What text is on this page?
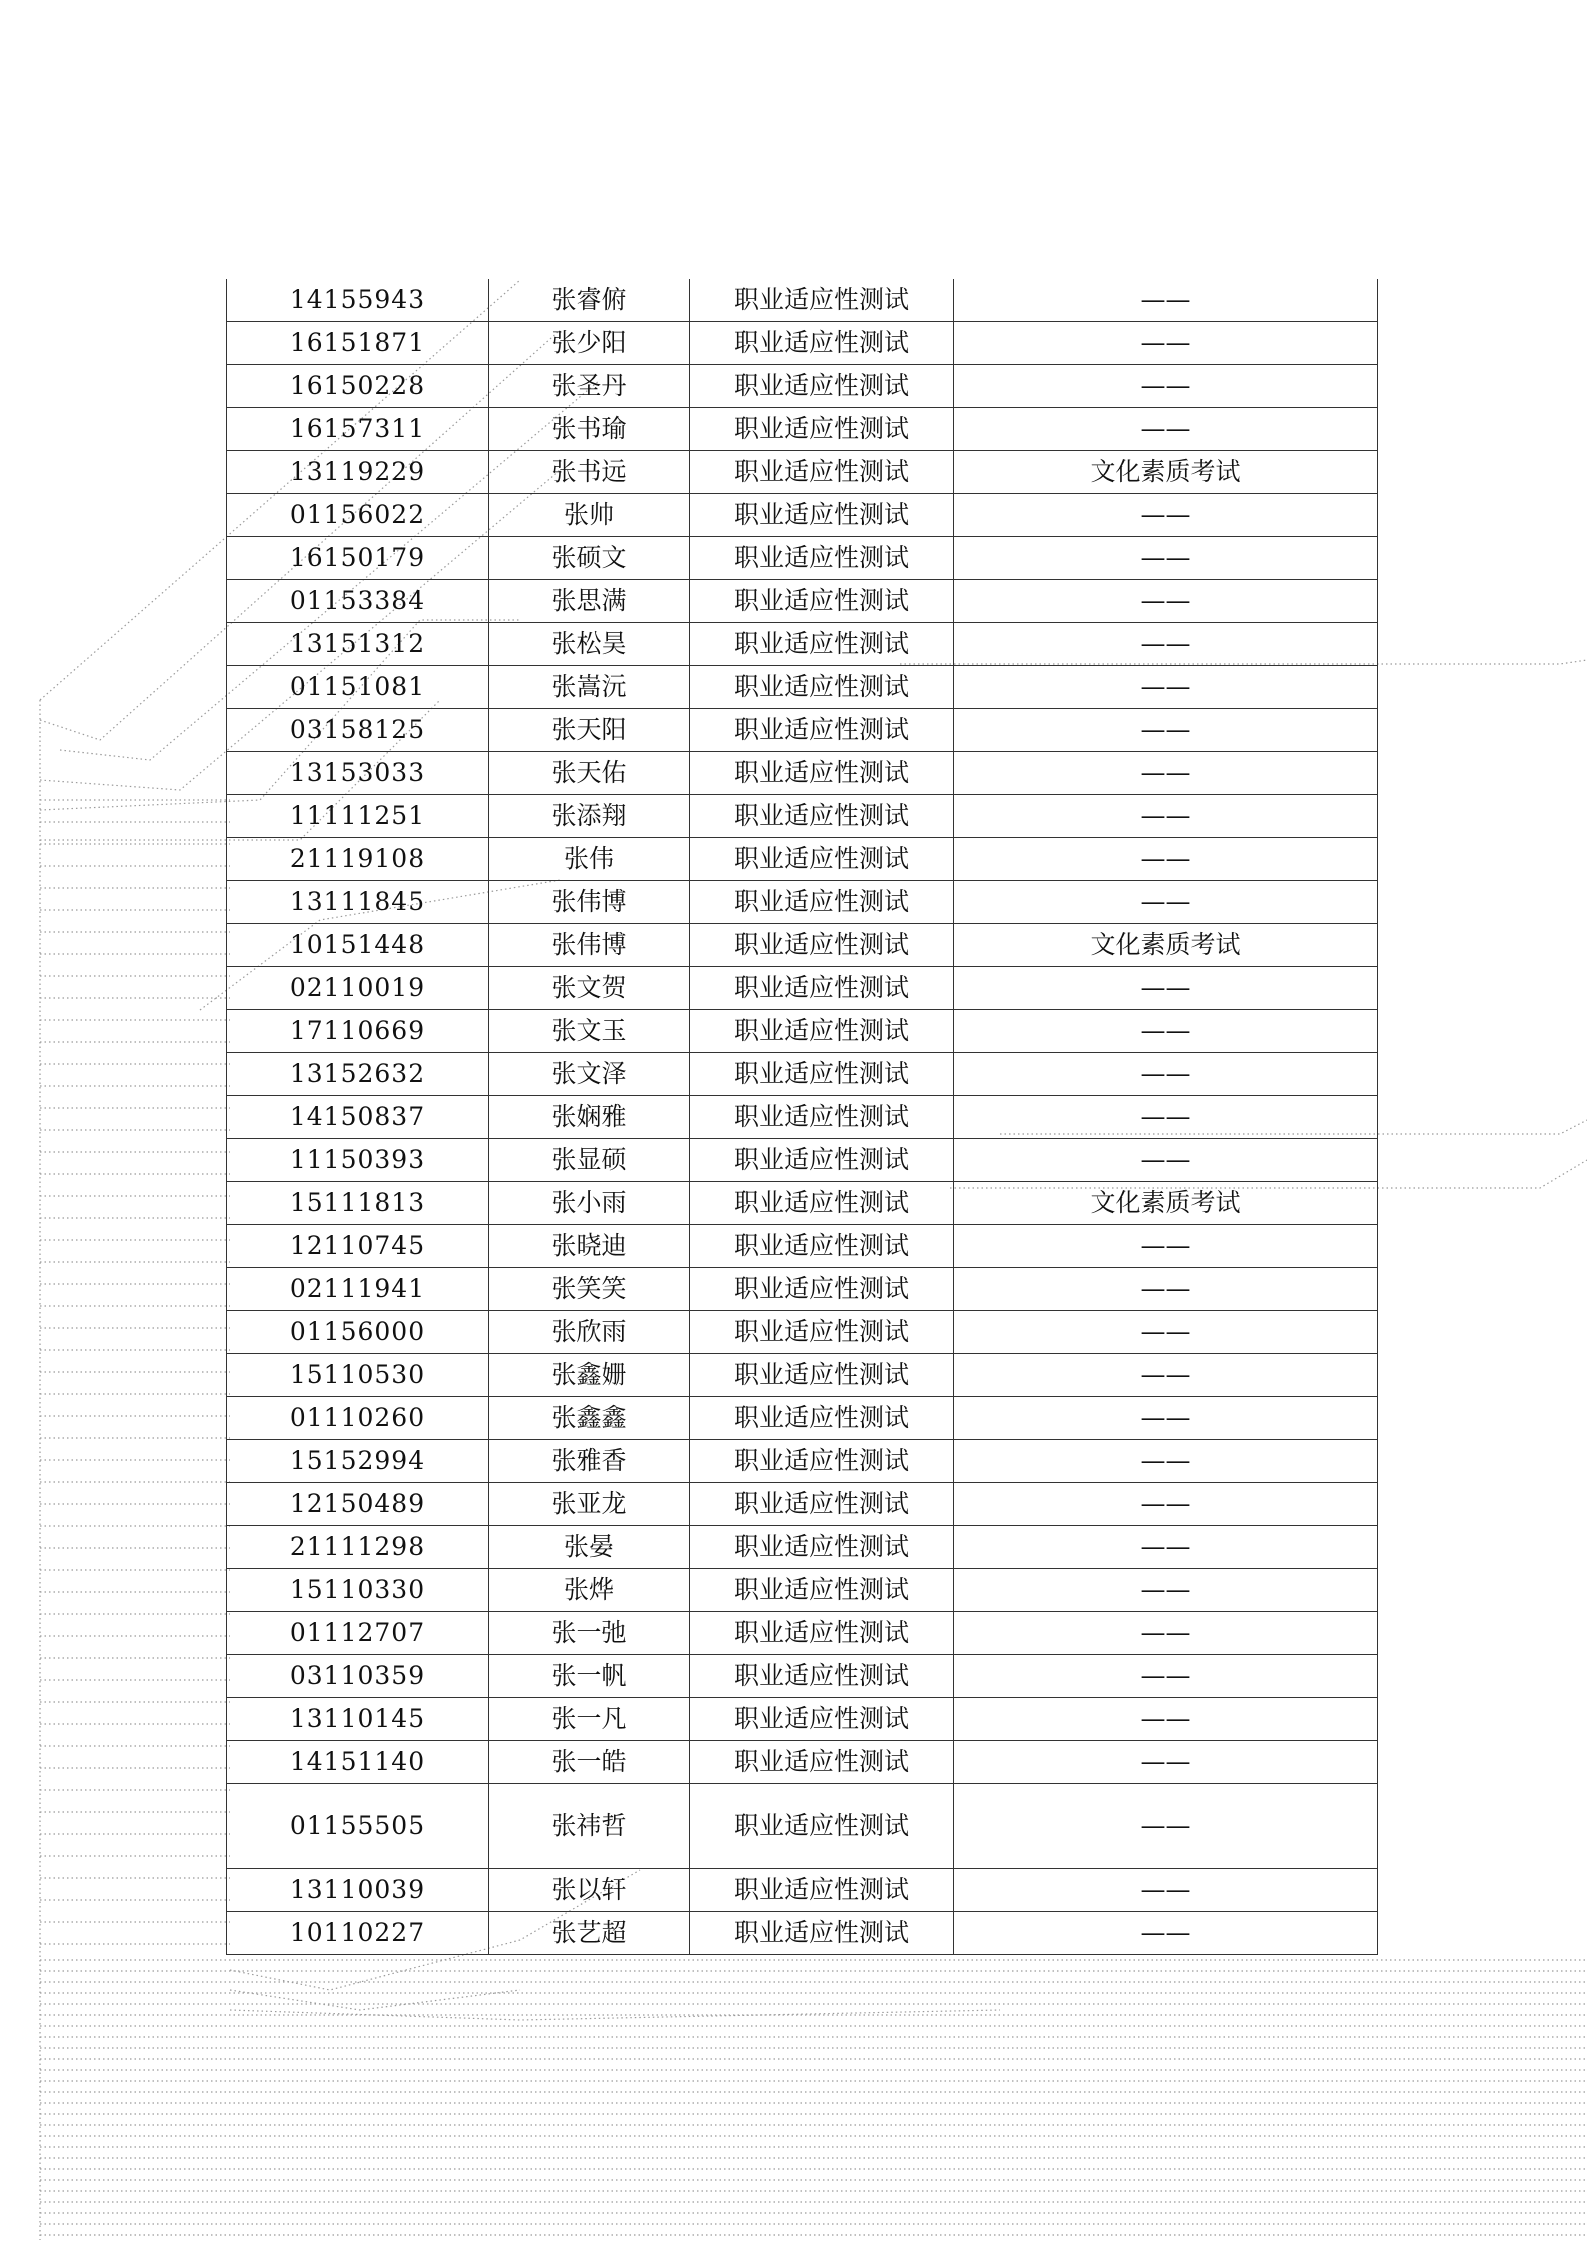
14155943	张睿俯	职业适应性测试	——
16151871	张少阳	职业适应性测试	——
16150228	张圣丹	职业适应性测试	——
16157311	张书瑜	职业适应性测试	——
13119229	张书远	职业适应性测试	文化素质考试
01156022	张帅	职业适应性测试	——
16150179	张硕文	职业适应性测试	——
01153384	张思满	职业适应性测试	——
13151312	张松昊	职业适应性测试	——
01151081	张嵩沅	职业适应性测试	——
03158125	张天阳	职业适应性测试	——
13153033	张天佑	职业适应性测试	——
11111251	张添翔	职业适应性测试	——
21119108	张伟	职业适应性测试	——
13111845	张伟博	职业适应性测试	——
10151448	张伟博	职业适应性测试	文化素质考试
02110019	张文贺	职业适应性测试	——
17110669	张文玉	职业适应性测试	——
13152632	张文泽	职业适应性测试	——
14150837	张娴雅	职业适应性测试	——
11150393	张显硕	职业适应性测试	——
15111813	张小雨	职业适应性测试	文化素质考试
12110745	张晓迪	职业适应性测试	——
02111941	张笑笑	职业适应性测试	——
01156000	张欣雨	职业适应性测试	——
15110530	张鑫姗	职业适应性测试	——
01110260	张鑫鑫	职业适应性测试	——
15152994	张雅香	职业适应性测试	——
12150489	张亚龙	职业适应性测试	——
21111298	张晏	职业适应性测试	——
15110330	张烨	职业适应性测试	——
01112707	张一弛	职业适应性测试	——
03110359	张一帆	职业适应性测试	——
13110145	张一凡	职业适应性测试	——
14151140	张一皓	职业适应性测试	——
01155505	张祎哲	职业适应性测试	——
13110039	张以轩	职业适应性测试	——
10110227	张艺超	职业适应性测试	——
